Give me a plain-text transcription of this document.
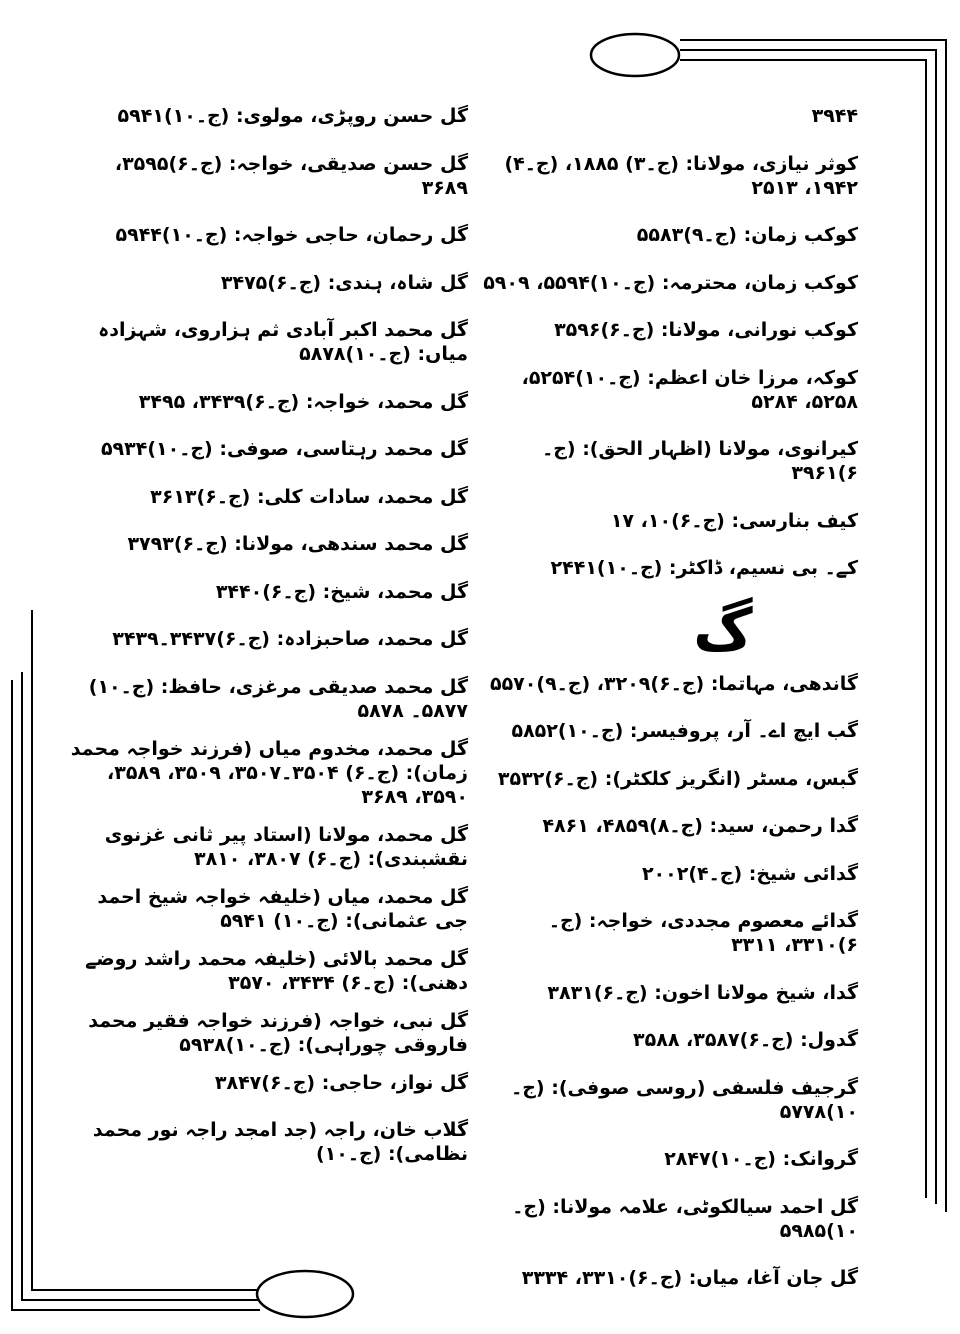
۳۹۴۴
کوثر نیازی، مولانا: (ج۔۳) ۱۸۸۵، (ج۔۴) ۱۹۴۲، ۲۵۱۳
کوکب زمان: (ج۔۹)۵۵۸۳
کوکب زمان، محترمہ: (ج۔۱۰)۵۵۹۴، ۵۹۰۹
کوکب نورانی، مولانا: (ج۔۶)۳۵۹۶
کوکہ، مرزا خان اعظم: (ج۔۱۰)۵۲۵۴، ۵۲۵۸، ۵۲۸۴
کیرانوی، مولانا (اظہار الحق): (ج۔۶)۳۹۶۱
کیف بنارسی: (ج۔۶)۱۰، ۱۷
کے۔ بی نسیم، ڈاکٹر: (ج۔۱۰)۲۴۴۱
گ
گاندھی، مہاتما: (ج۔۶)۳۲۰۹، (ج۔۹)۵۵۷۰
گب ایچ اے۔ آر، پروفیسر: (ج۔۱۰)۵۸۵۲
گبس، مسٹر (انگریز کلکٹر): (ج۔۶)۳۵۳۲
گدا رحمن، سید: (ج۔۸)۴۸۵۹، ۴۸۶۱
گدائی شیخ: (ج۔۴)۲۰۰۲
گدائے معصوم مجددی، خواجہ: (ج۔۶)۳۳۱۰، ۳۳۱۱
گدا، شیخ مولانا اخون: (ج۔۶)۳۸۳۱
گدول: (ج۔۶)۳۵۸۷، ۳۵۸۸
گرجیف فلسفی (روسی صوفی): (ج۔۱۰)۵۷۷۸
گروانک: (ج۔۱۰)۲۸۴۷
گل احمد سیالکوٹی، علامہ مولانا: (ج۔۱۰)۵۹۸۵
گل جان آغا، میاں: (ج۔۶)۳۳۱۰، ۳۳۳۴
گل حسن روپڑی، مولوی: (ج۔۱۰)۵۹۴۱
گل حسن صدیقی، خواجہ: (ج۔۶)۳۵۹۵، ۳۶۸۹
گل رحمان، حاجی خواجہ: (ج۔۱۰)۵۹۴۴
گل شاہ، ہندی: (ج۔۶)۳۴۷۵
گل محمد اکبر آبادی ثم ہزاروی، شہزادہ میاں: (ج۔۱۰)۵۸۷۸
گل محمد، خواجہ: (ج۔۶)۳۴۳۹، ۳۴۹۵
گل محمد رہتاسی، صوفی: (ج۔۱۰)۵۹۳۴
گل محمد، سادات کلی: (ج۔۶)۳۶۱۳
گل محمد سندھی، مولانا: (ج۔۶)۳۷۹۳
گل محمد، شیخ: (ج۔۶)۳۴۴۰
گل محمد، صاحبزادہ: (ج۔۶)۳۴۳۷۔۳۴۳۹
گل محمد صدیقی مرغزی، حافظ: (ج۔۱۰) ۵۸۷۷۔ ۵۸۷۸
گل محمد، مخدوم میاں (فرزند خواجہ محمد زمان): (ج۔۶) ۳۵۰۴۔۳۵۰۷، ۳۵۰۹، ۳۵۸۹، ۳۵۹۰، ۳۶۸۹
گل محمد، مولانا (استاد پیر ثانی غزنوی نقشبندی): (ج۔۶) ۳۸۰۷، ۳۸۱۰
گل محمد، میاں (خلیفہ خواجہ شیخ احمد جی عثمانی): (ج۔۱۰) ۵۹۴۱
گل محمد بالائی (خلیفہ محمد راشد روضے دھنی): (ج۔۶) ۳۴۳۴، ۳۵۷۰
گل نبی، خواجہ (فرزند خواجہ فقیر محمد فاروقی چوراہی): (ج۔۱۰)۵۹۳۸
گل نواز، حاجی: (ج۔۶)۳۸۴۷
گلاب خان، راجہ (جد امجد راجہ نور محمد نظامی): (ج۔۱۰)
